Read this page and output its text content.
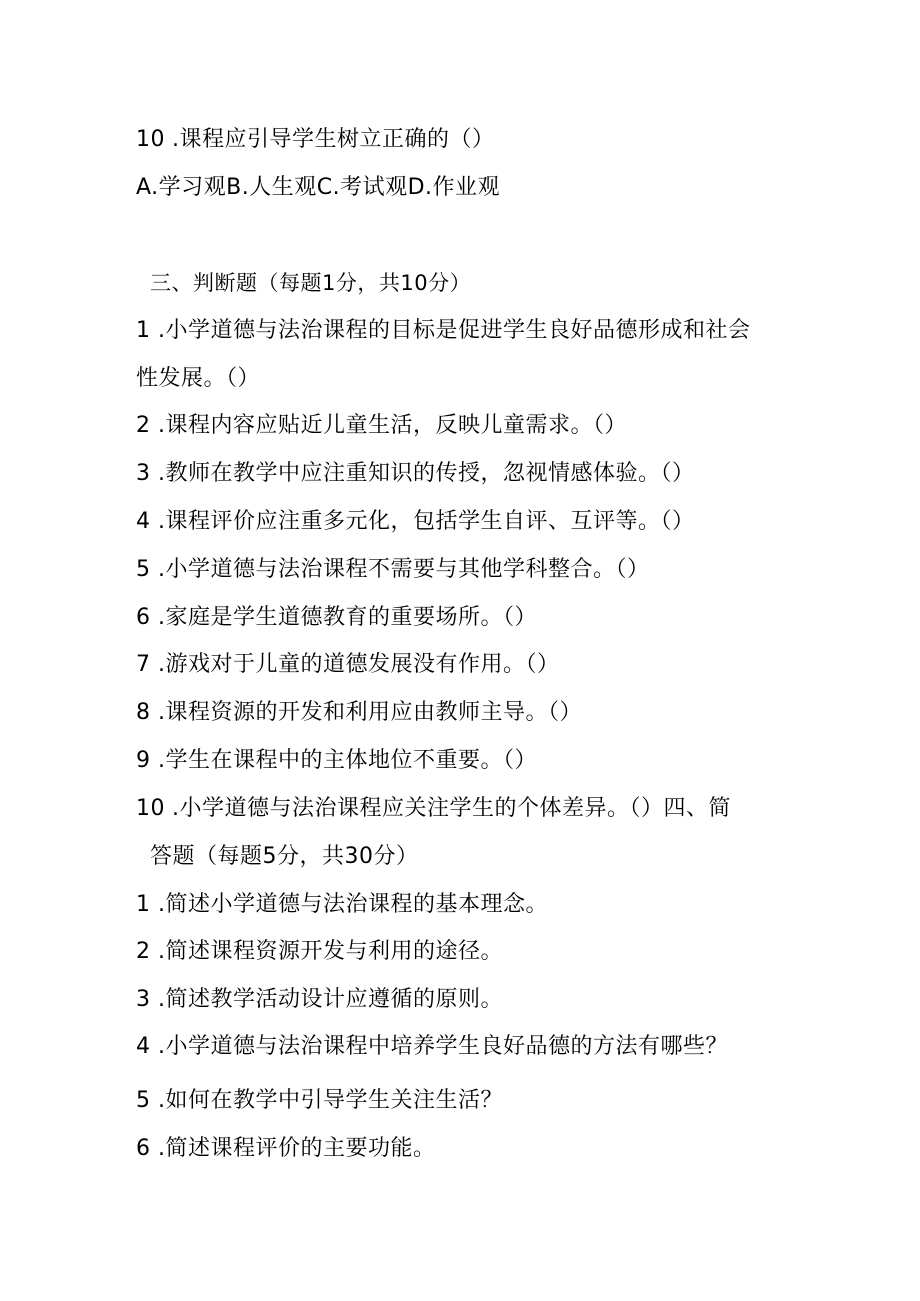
10 .课程应引导学生树立正确的（）
A.学习观B.人生观C.考试观D.作业观
三、判断题（每题1分，共10分）
1 .小学道德与法治课程的目标是促进学生良好品德形成和社会
性发展。（）
2 .课程内容应贴近儿童生活，反映儿童需求。（）
3 .教师在教学中应注重知识的传授，忽视情感体验。（）
4 .课程评价应注重多元化，包括学生自评、互评等。（）
5 .小学道德与法治课程不需要与其他学科整合。（）
6 .家庭是学生道德教育的重要场所。（）
7 .游戏对于儿童的道德发展没有作用。（）
8 .课程资源的开发和利用应由教师主导。（）
9 .学生在课程中的主体地位不重要。（）
10 .小学道德与法治课程应关注学生的个体差异。（）四、简
答题（每题5分，共30分）
1 .简述小学道德与法治课程的基本理念。
2 .简述课程资源开发与利用的途径。
3 .简述教学活动设计应遵循的原则。
4 .小学道德与法治课程中培养学生良好品德的方法有哪些？
5 .如何在教学中引导学生关注生活？
6 .简述课程评价的主要功能。
